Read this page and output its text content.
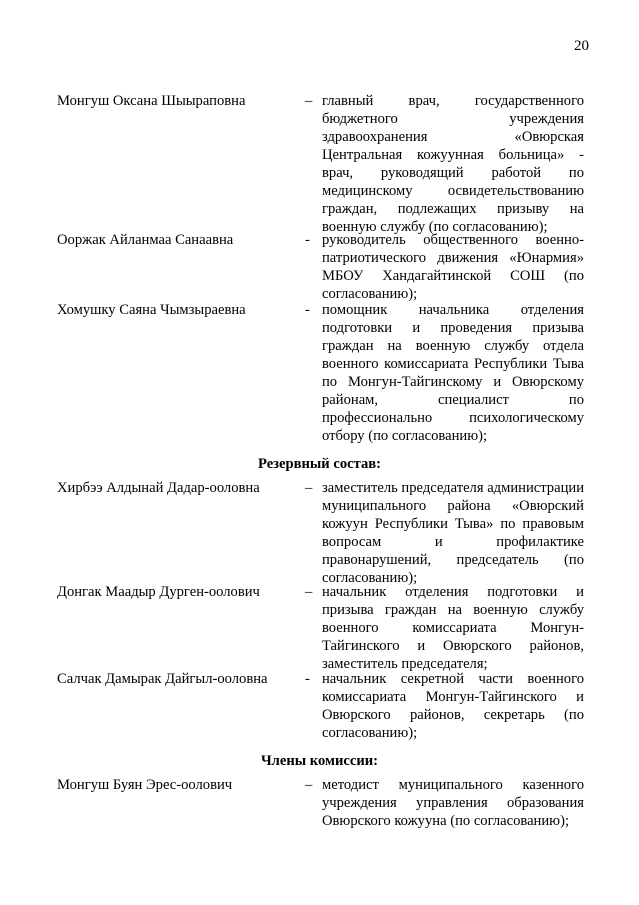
20
Монгуш Оксана Шыыраповна	– главный врач, государственного бюджетного учреждения здравоохранения «Овюрская Центральная кожуунная больница» - врач, руководящий работой по медицинскому освидетельствованию граждан, подлежащих призыву на военную службу (по согласованию);
Ооржак Айланмаа Санаавна	- руководитель общественного военно-патриотического движения «Юнармия» МБОУ Хандагайтинской СОШ (по согласованию);
Хомушку Саяна Чымзыраевна	- помощник начальника отделения подготовки и проведения призыва граждан на военную службу отдела военного комиссариата Республики Тыва по Монгун-Тайгинскому и Овюрскому районам, специалист по профессионально психологическому отбору (по согласованию);
Резервный состав:
Хирбээ Алдынай Дадар-ооловна	– заместитель председателя администрации муниципального района «Овюрский кожуун Республики Тыва» по правовым вопросам и профилактике правонарушений, председатель (по согласованию);
Донгак Маадыр Дурген-оолович	– начальник отделения подготовки и призыва граждан на военную службу военного комиссариата Монгун-Тайгинского и Овюрского районов, заместитель председателя;
Салчак Дамырак Дайгыл-ооловна	- начальник секретной части военного комиссариата Монгун-Тайгинского и Овюрского районов, секретарь (по согласованию);
Члены комиссии:
Монгуш Буян Эрес-оолович	– методист муниципального казенного учреждения управления образования Овюрского кожууна (по согласованию);
